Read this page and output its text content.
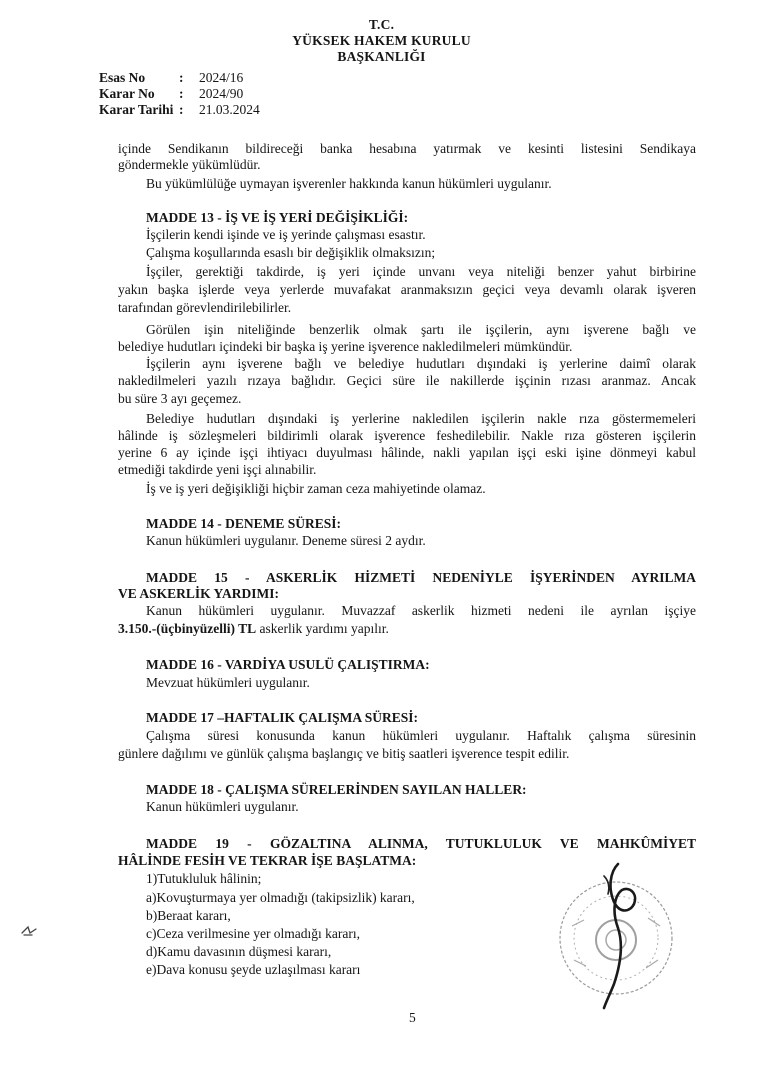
T.C.
YÜKSEK HAKEM KURULU
BAŞKANLIĞI
Esas No	: 2024/16
Karar No : 2024/90
Karar Tarihi : 21.03.2024
içinde Sendikanın bildireceği banka hesabına yatırmak ve kesinti listesini Sendikaya
göndermekle yükümlüdür.
Bu yükümlülüğe uymayan işverenler hakkında kanun hükümleri uygulanır.
MADDE 13 - İŞ VE İŞ YERİ DEĞİŞİKLİĞİ:
İşçilerin kendi işinde ve iş yerinde çalışması esastır.
Çalışma koşullarında esaslı bir değişiklik olmaksızın;
İşçiler, gerektiği takdirde, iş yeri içinde unvanı veya niteliği benzer yahut birbirine
yakın başka işlerde veya yerlerde muvafakat aranmaksızın geçici veya devamlı olarak işveren
tarafından görevlendirilebilirler.
Görülen işin niteliğinde benzerlik olmak şartı ile işçilerin, aynı işverene bağlı ve
belediye hudutları içindeki bir başka iş yerine işverence nakledilmeleri mümkündür.
İşçilerin aynı işverene bağlı ve belediye hudutları dışındaki iş yerlerine daimî olarak
nakledilmeleri yazılı rızaya bağlıdır. Geçici süre ile nakillerde işçinin rızası aranmaz. Ancak
bu süre 3 ayı geçemez.
Belediye hudutları dışındaki iş yerlerine nakledilen işçilerin nakle rıza göstermemeleri
hâlinde iş sözleşmeleri bildirimli olarak işverence feshedilebilir. Nakle rıza gösteren işçilerin
yerine 6 ay içinde işçi ihtiyacı duyulması hâlinde, nakli yapılan işçi eski işine dönmeyi kabul
etmediği takdirde yeni işçi alınabilir.
İş ve iş yeri değişikliği hiçbir zaman ceza mahiyetinde olamaz.
MADDE 14 - DENEME SÜRESİ:
Kanun hükümleri uygulanır. Deneme süresi 2 aydır.
MADDE 15 - ASKERLİK HİZMETİ NEDENİYLE İŞYERİNDEN AYRILMA
VE ASKERLİK YARDIMI:
Kanun hükümleri uygulanır. Muvazzaf askerlik hizmeti nedeni ile ayrılan işçiye
3.150.-(üçbinyüzelli) TL askerlik yardımı yapılır.
MADDE 16 - VARDİYA USULÜ ÇALIŞTIRMA:
Mevzuat hükümleri uygulanır.
MADDE 17 –HAFTALIK ÇALIŞMA SÜRESİ:
Çalışma süresi konusunda kanun hükümleri uygulanır. Haftalık çalışma süresinin
günlere dağılımı ve günlük çalışma başlangıç ve bitiş saatleri işverence tespit edilir.
MADDE 18 - ÇALIŞMA SÜRELERİNDEN SAYILAN HALLER:
Kanun hükümleri uygulanır.
MADDE 19 - GÖZALTINA ALINMA, TUTUKLULUK VE MAHKÛMİYET
HÂLİNDE FESİH VE TEKRAR İŞE BAŞLATMA:
1)Tutukluluk hâlinin;
a)Kovuşturmaya yer olmadığı (takipsizlik) kararı,
b)Beraat kararı,
c)Ceza verilmesine yer olmadığı kararı,
d)Kamu davasının düşmesi kararı,
e)Dava konusu şeyde uzlaşılması kararı
5
